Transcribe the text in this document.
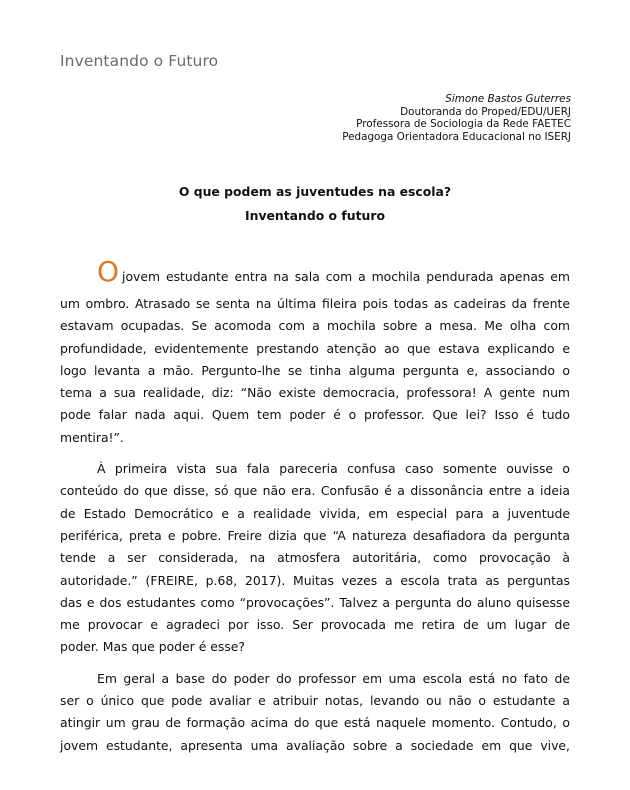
Inventando o Futuro
Simone Bastos Guterres
Doutoranda do Proped/EDU/UERJ
Professora de Sociologia da Rede FAETEC
Pedagoga Orientadora Educacional no ISERJ
O que podem as juventudes na escola?
Inventando o futuro
O jovem estudante entra na sala com a mochila pendurada apenas em
um ombro. Atrasado se senta na última fileira pois todas as cadeiras da frente
estavam ocupadas. Se acomoda com a mochila sobre a mesa. Me olha com
profundidade, evidentemente prestando atenção ao que estava explicando e
logo levanta a mão. Pergunto-lhe se tinha alguma pergunta e, associando o
tema a sua realidade, diz: “Não existe democracia, professora! A gente num
pode falar nada aqui. Quem tem poder é o professor. Que lei? Isso é tudo
mentira!”.
À primeira vista sua fala pareceria confusa caso somente ouvisse o
conteúdo do que disse, só que não era. Confusão é a dissonância entre a ideia
de Estado Democrático e a realidade vivida, em especial para a juventude
periférica, preta e pobre. Freire dizia que “A natureza desafiadora da pergunta
tende a ser considerada, na atmosfera autoritária, como provocação à
autoridade.” (FREIRE, p.68, 2017). Muitas vezes a escola trata as perguntas
das e dos estudantes como “provocações”. Talvez a pergunta do aluno quisesse
me provocar e agradeci por isso. Ser provocada me retira de um lugar de
poder. Mas que poder é esse?
Em geral a base do poder do professor em uma escola está no fato de
ser o único que pode avaliar e atribuir notas, levando ou não o estudante a
atingir um grau de formação acima do que está naquele momento. Contudo, o
jovem estudante, apresenta uma avaliação sobre a sociedade em que vive,
